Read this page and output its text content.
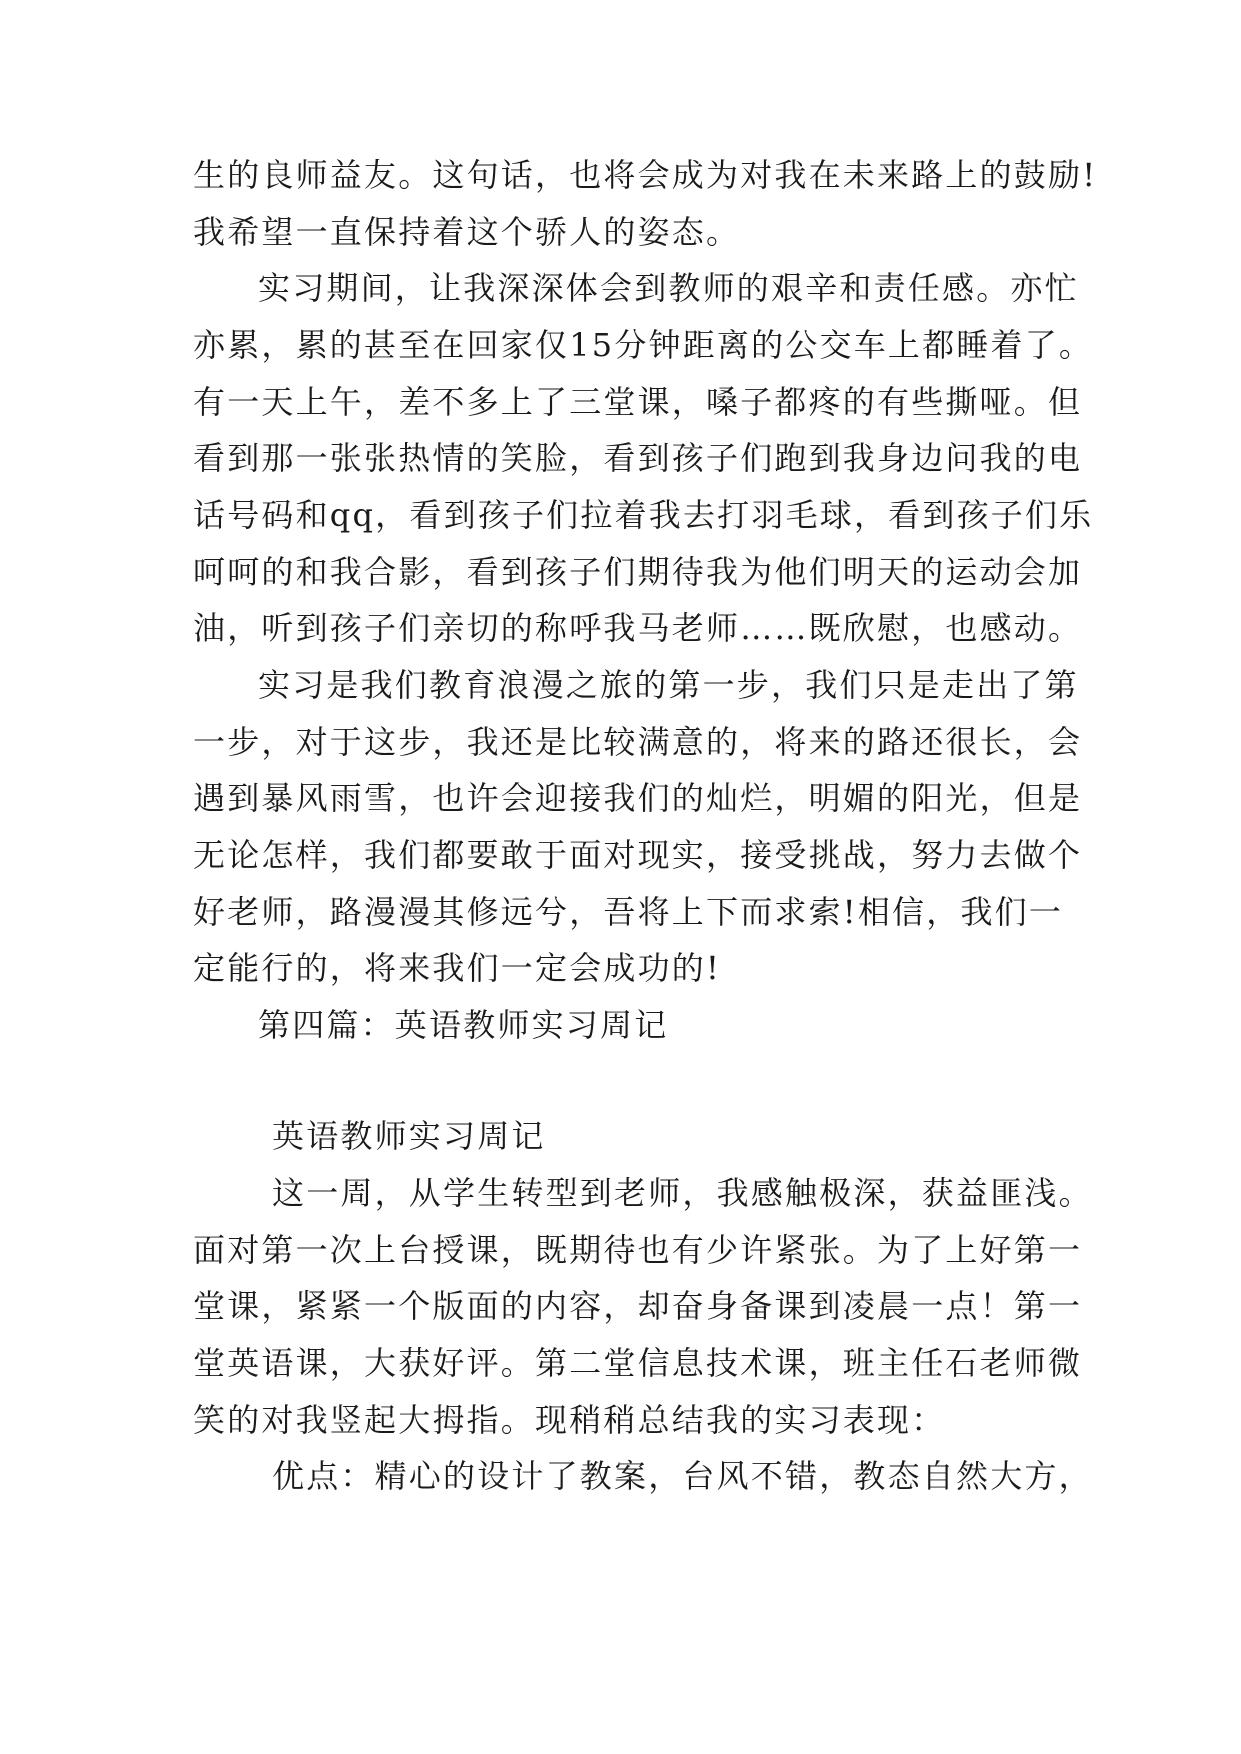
生的良师益友。这句话，也将会成为对我在未来路上的鼓励!

我希望一直保持着这个骄人的姿态。

实习期间，让我深深体会到教师的艰辛和责任感。亦忙

亦累，累的甚至在回家仅15分钟距离的公交车上都睡着了。

有一天上午，差不多上了三堂课，嗓子都疼的有些撕哑。但

看到那一张张热情的笑脸，看到孩子们跑到我身边问我的电

话号码和qq，看到孩子们拉着我去打羽毛球，看到孩子们乐

呵呵的和我合影，看到孩子们期待我为他们明天的运动会加

油，听到孩子们亲切的称呼我马老师……既欣慰，也感动。

实习是我们教育浪漫之旅的第一步，我们只是走出了第

一步，对于这步，我还是比较满意的，将来的路还很长，会

遇到暴风雨雪，也许会迎接我们的灿烂，明媚的阳光，但是

无论怎样，我们都要敢于面对现实，接受挑战，努力去做个

好老师，路漫漫其修远兮，吾将上下而求索!相信，我们一

定能行的，将来我们一定会成功的!

第四篇：英语教师实习周记

英语教师实习周记

这一周，从学生转型到老师，我感触极深，获益匪浅。

面对第一次上台授课，既期待也有少许紧张。为了上好第一

堂课，紧紧一个版面的内容，却奋身备课到凌晨一点！第一

堂英语课，大获好评。第二堂信息技术课，班主任石老师微

笑的对我竖起大拇指。现稍稍总结我的实习表现：

优点：精心的设计了教案，台风不错，教态自然大方，
